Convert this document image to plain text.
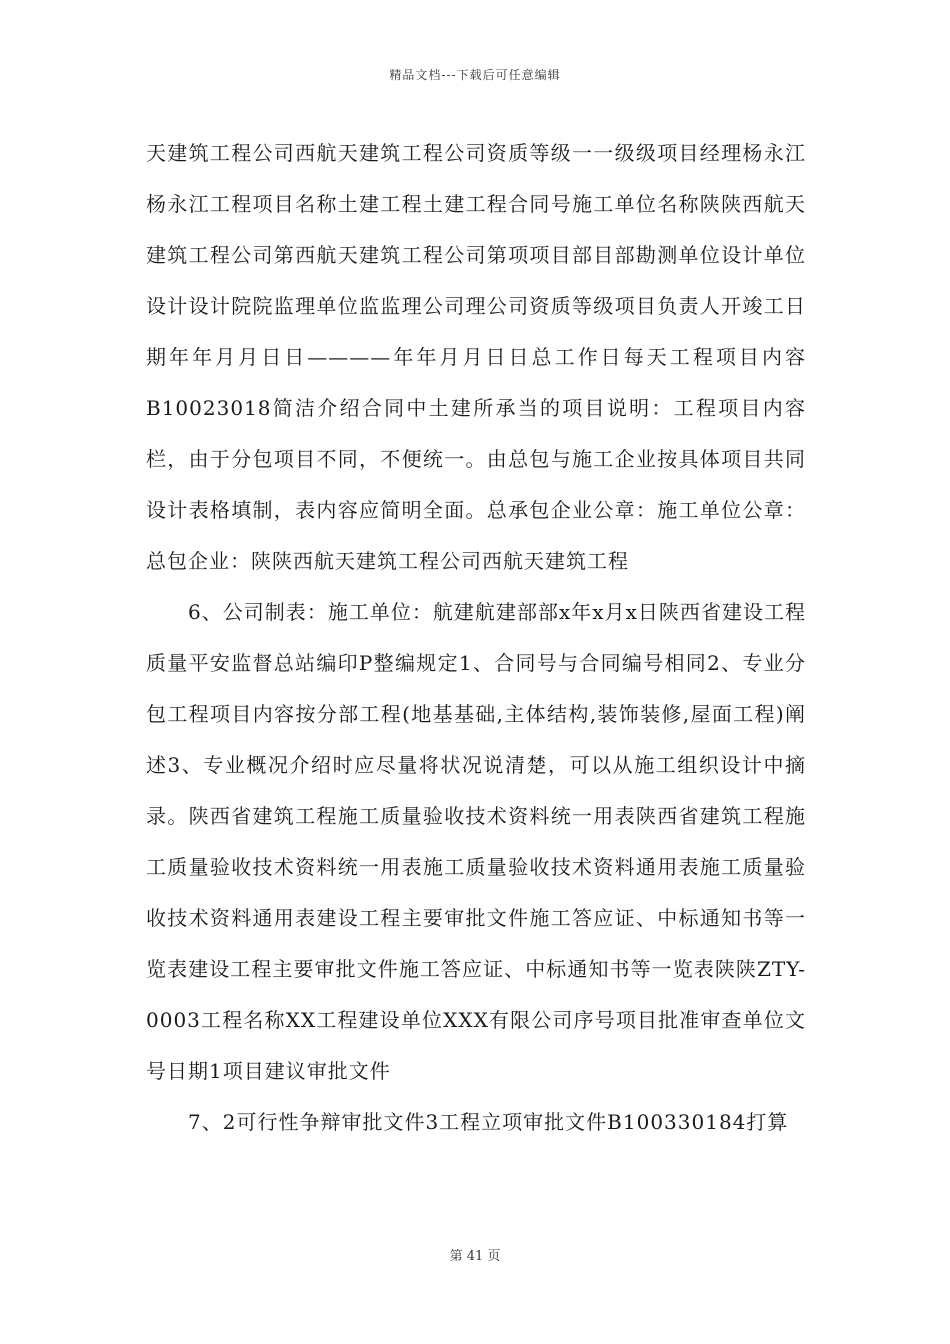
精品文档---下载后可任意编辑

天建筑工程公司西航天建筑工程公司资质等级一一级级项目经理杨永江杨永江工程项目名称土建工程土建工程合同号施工单位名称陕陕西航天建筑工程公司第西航天建筑工程公司第项项目部目部勘测单位设计单位设计设计院院监理单位监监理公司理公司资质等级项目负责人开竣工日期年年月月日日————年年月月日日总工作日每天工程项目内容B10023018简洁介绍合同中土建所承当的项目说明：工程项目内容栏，由于分包项目不同，不便统一。由总包与施工企业按具体项目共同设计表格填制，表内容应简明全面。总承包企业公章：施工单位公章：总包企业：陕陕西航天建筑工程公司西航天建筑工程

6、公司制表：施工单位：航建航建部部x年x月x日陕西省建设工程质量平安监督总站编印P整编规定1、合同号与合同编号相同2、专业分包工程项目内容按分部工程(地基基础,主体结构,装饰装修,屋面工程)阐述3、专业概况介绍时应尽量将状况说清楚，可以从施工组织设计中摘录。陕西省建筑工程施工质量验收技术资料统一用表陕西省建筑工程施工质量验收技术资料统一用表施工质量验收技术资料通用表施工质量验收技术资料通用表建设工程主要审批文件施工答应证、中标通知书等一览表建设工程主要审批文件施工答应证、中标通知书等一览表陕陕ZTY-0003工程名称XX工程建设单位XXX有限公司序号项目批准审查单位文号日期1项目建议审批文件

7、2可行性争辩审批文件3工程立项审批文件B100330184打算

第 41 页
